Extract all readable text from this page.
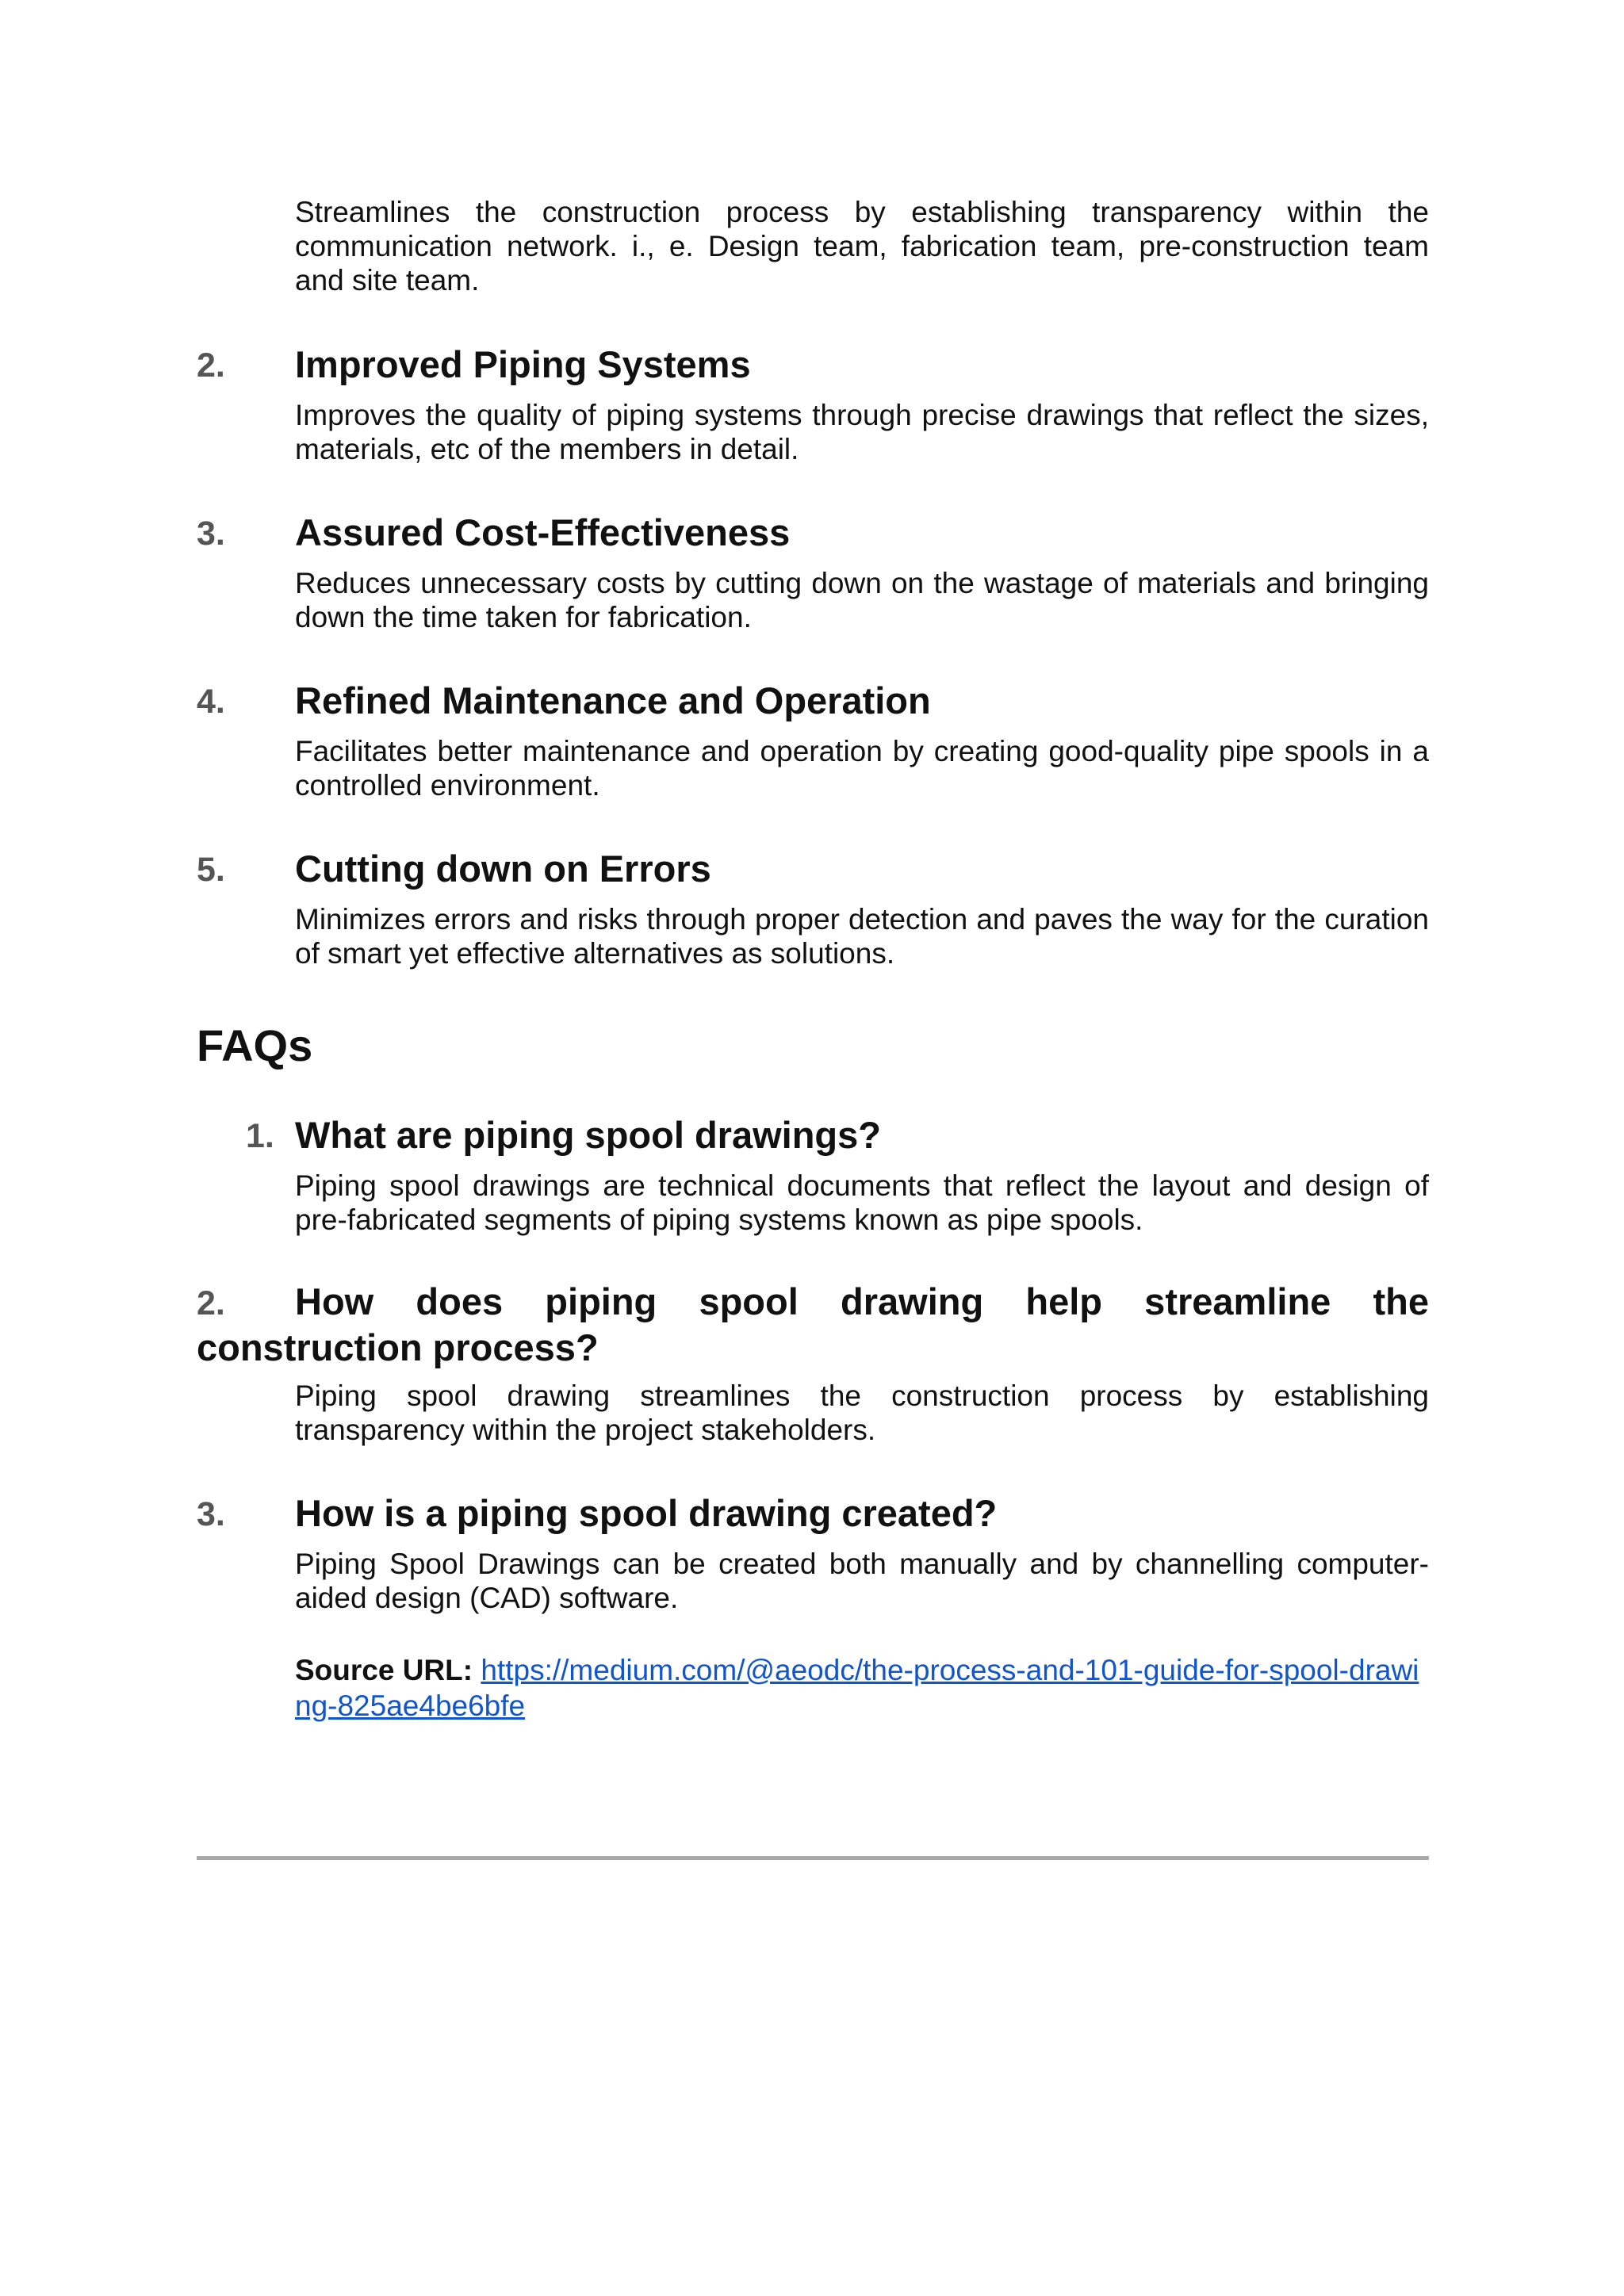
Streamlines the construction process by establishing transparency within the communication network. i., e. Design team, fabrication team, pre-construction team and site team.
2. Improved Piping Systems
Improves the quality of piping systems through precise drawings that reflect the sizes, materials, etc of the members in detail.
3. Assured Cost-Effectiveness
Reduces unnecessary costs by cutting down on the wastage of materials and bringing down the time taken for fabrication.
4. Refined Maintenance and Operation
Facilitates better maintenance and operation by creating good-quality pipe spools in a controlled environment.
5. Cutting down on Errors
Minimizes errors and risks through proper detection and paves the way for the curation of smart yet effective alternatives as solutions.
FAQs
1. What are piping spool drawings?
Piping spool drawings are technical documents that reflect the layout and design of pre-fabricated segments of piping systems known as pipe spools.
2. How does piping spool drawing help streamline the construction process?
Piping spool drawing streamlines the construction process by establishing transparency within the project stakeholders.
3. How is a piping spool drawing created?
Piping Spool Drawings can be created both manually and by channelling computer-aided design (CAD) software.
Source URL: https://medium.com/@aeodc/the-process-and-101-guide-for-spool-drawing-825ae4be6bfe
